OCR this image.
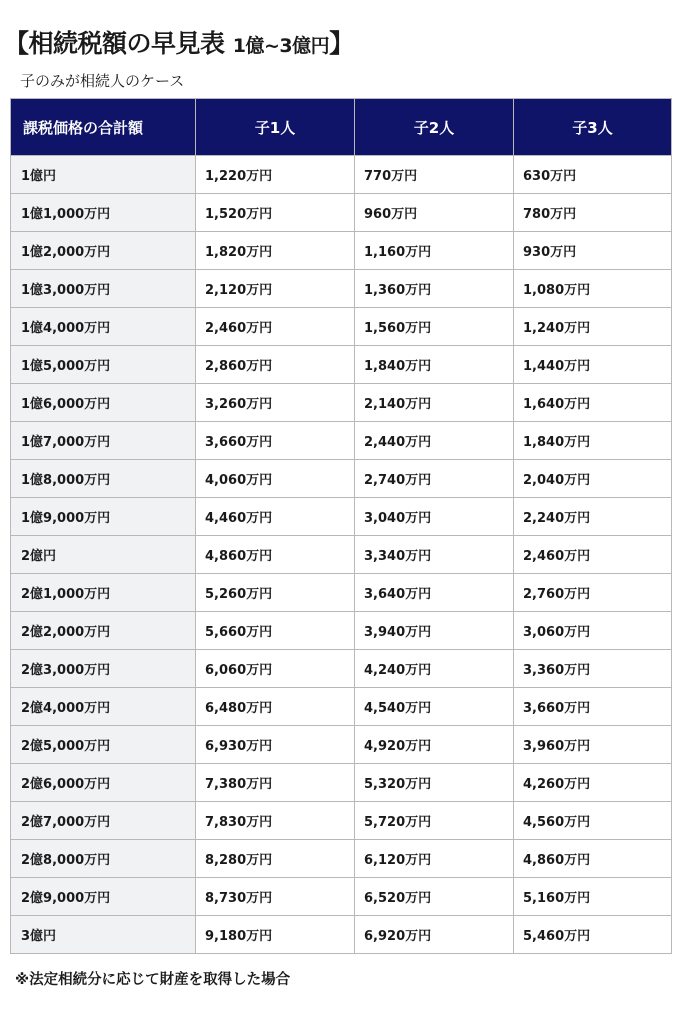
【相続税額の早見表 1億~3億円】
子のみが相続人のケース
課税価格の合計額	子1人	子2人	子3人
1億円	1,220万円	770万円	630万円
1億1,000万円	1,520万円	960万円	780万円
1億2,000万円	1,820万円	1,160万円	930万円
1億3,000万円	2,120万円	1,360万円	1,080万円
1億4,000万円	2,460万円	1,560万円	1,240万円
1億5,000万円	2,860万円	1,840万円	1,440万円
1億6,000万円	3,260万円	2,140万円	1,640万円
1億7,000万円	3,660万円	2,440万円	1,840万円
1億8,000万円	4,060万円	2,740万円	2,040万円
1億9,000万円	4,460万円	3,040万円	2,240万円
2億円	4,860万円	3,340万円	2,460万円
2億1,000万円	5,260万円	3,640万円	2,760万円
2億2,000万円	5,660万円	3,940万円	3,060万円
2億3,000万円	6,060万円	4,240万円	3,360万円
2億4,000万円	6,480万円	4,540万円	3,660万円
2億5,000万円	6,930万円	4,920万円	3,960万円
2億6,000万円	7,380万円	5,320万円	4,260万円
2億7,000万円	7,830万円	5,720万円	4,560万円
2億8,000万円	8,280万円	6,120万円	4,860万円
2億9,000万円	8,730万円	6,520万円	5,160万円
3億円	9,180万円	6,920万円	5,460万円

※法定相続分に応じて財産を取得した場合
